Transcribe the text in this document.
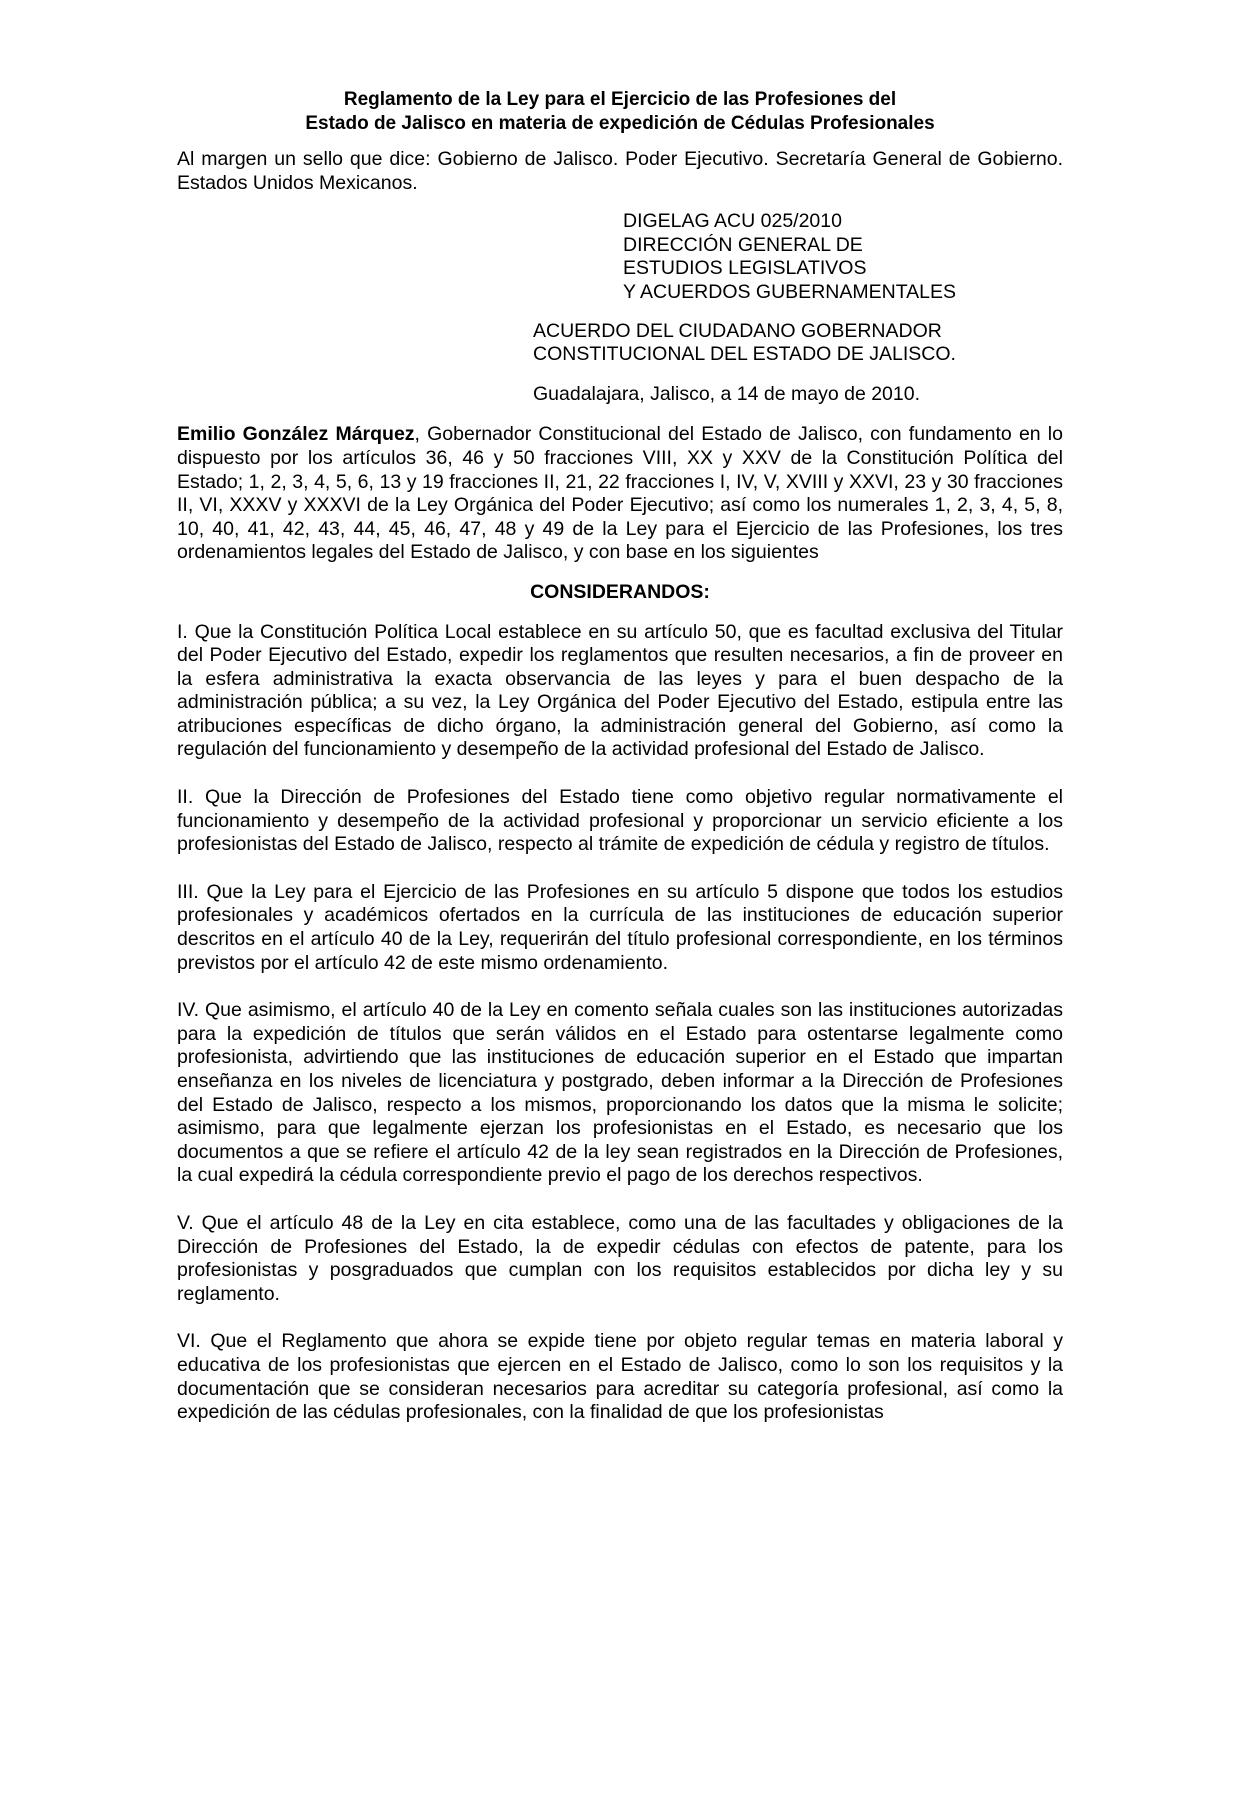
Reglamento de la Ley para el Ejercicio de las Profesiones del
Estado de Jalisco en materia de expedición de Cédulas Profesionales

Al margen un sello que dice: Gobierno de Jalisco. Poder Ejecutivo. Secretaría General de Gobierno. Estados Unidos Mexicanos.

DIGELAG ACU 025/2010
DIRECCIÓN GENERAL DE
ESTUDIOS LEGISLATIVOS
Y ACUERDOS GUBERNAMENTALES
ACUERDO DEL CIUDADANO GOBERNADOR
CONSTITUCIONAL DEL ESTADO DE JALISCO.

Guadalajara, Jalisco, a 14 de mayo de 2010.

Emilio González Márquez, Gobernador Constitucional del Estado de Jalisco, con fundamento en lo dispuesto por los artículos 36, 46 y 50 fracciones VIII, XX y XXV de la Constitución Política del Estado; 1, 2, 3, 4, 5, 6, 13 y 19 fracciones II, 21, 22 fracciones I, IV, V, XVIII y XXVI, 23 y 30 fracciones II, VI, XXXV y XXXVI de la Ley Orgánica del Poder Ejecutivo; así como los numerales 1, 2, 3, 4, 5, 8, 10, 40, 41, 42, 43, 44, 45, 46, 47, 48 y 49 de la Ley para el Ejercicio de las Profesiones, los tres ordenamientos legales del Estado de Jalisco, y con base en los siguientes

CONSIDERANDOS:

I. Que la Constitución Política Local establece en su artículo 50, que es facultad exclusiva del Titular del Poder Ejecutivo del Estado, expedir los reglamentos que resulten necesarios, a fin de proveer en la esfera administrativa la exacta observancia de las leyes y para el buen despacho de la administración pública; a su vez, la Ley Orgánica del Poder Ejecutivo del Estado, estipula entre las atribuciones específicas de dicho órgano, la administración general del Gobierno, así como la regulación del funcionamiento y desempeño de la actividad profesional del Estado de Jalisco.

II. Que la Dirección de Profesiones del Estado tiene como objetivo regular normativamente el funcionamiento y desempeño de la actividad profesional y proporcionar un servicio eficiente a los profesionistas del Estado de Jalisco, respecto al trámite de expedición de cédula y registro de títulos.

III. Que la Ley para el Ejercicio de las Profesiones en su artículo 5 dispone que todos los estudios profesionales y académicos ofertados en la currícula de las instituciones de educación superior descritos en el artículo 40 de la Ley, requerirán del título profesional correspondiente, en los términos previstos por el artículo 42 de este mismo ordenamiento.

IV. Que asimismo, el artículo 40 de la Ley en comento señala cuales son las instituciones autorizadas para la expedición de títulos que serán válidos en el Estado para ostentarse legalmente como profesionista, advirtiendo que las instituciones de educación superior en el Estado que impartan enseñanza en los niveles de licenciatura y postgrado, deben informar a la Dirección de Profesiones del Estado de Jalisco, respecto a los mismos, proporcionando los datos que la misma le solicite; asimismo, para que legalmente ejerzan los profesionistas en el Estado, es necesario que los documentos a que se refiere el artículo 42 de la ley sean registrados en la Dirección de Profesiones, la cual expedirá la cédula correspondiente previo el pago de los derechos respectivos.

V. Que el artículo 48 de la Ley en cita establece, como una de las facultades y obligaciones de la Dirección de Profesiones del Estado, la de expedir cédulas con efectos de patente, para los profesionistas y posgraduados que cumplan con los requisitos establecidos por dicha ley y su reglamento.

VI. Que el Reglamento que ahora se expide tiene por objeto regular temas en materia laboral y educativa de los profesionistas que ejercen en el Estado de Jalisco, como lo son los requisitos y la documentación que se consideran necesarios para acreditar su categoría profesional, así como la expedición de las cédulas profesionales, con la finalidad de que los profesionistas
